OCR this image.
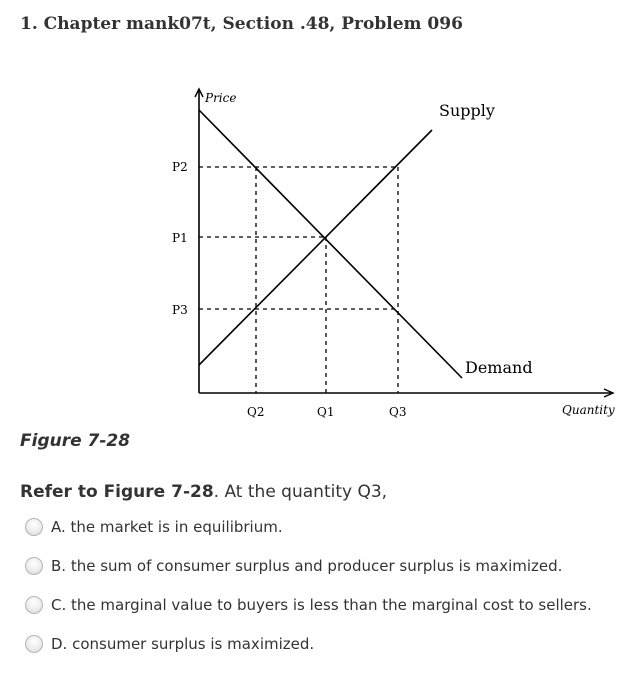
1. Chapter mank07t, Section .48, Problem 096
Price
Quantity
P2
P1
P3
Q2	Q1	Q3
Supply
Demand

Figure 7-28

Refer to Figure 7-28. At the quantity Q3,

A. the market is in equilibrium.
B. the sum of consumer surplus and producer surplus is maximized.
C. the marginal value to buyers is less than the marginal cost to sellers.
D. consumer surplus is maximized.
